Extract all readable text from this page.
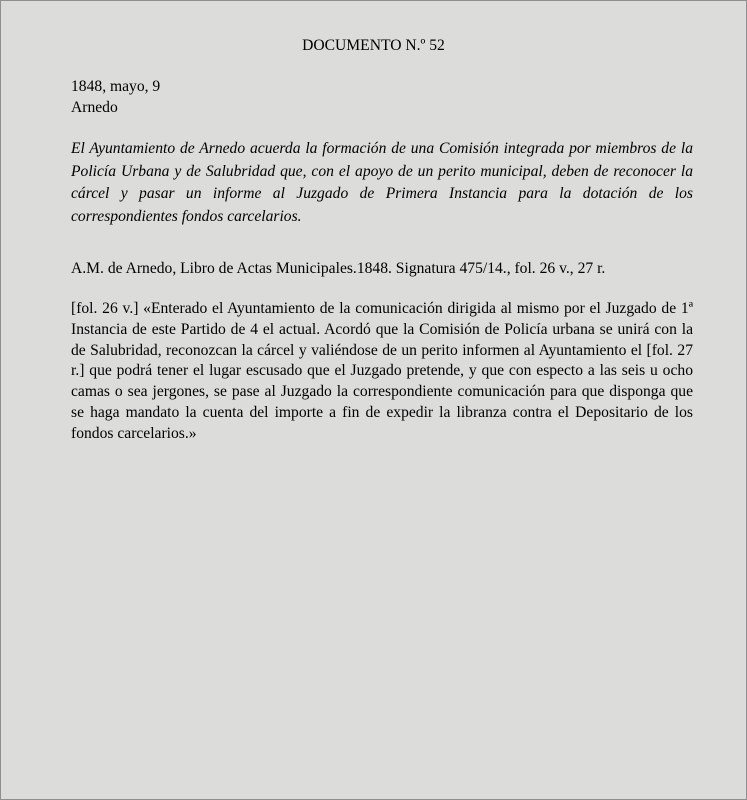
DOCUMENTO N.º 52
1848, mayo, 9
Arnedo
El Ayuntamiento de Arnedo acuerda la formación de una Comisión integrada por miembros de la Policía Urbana y de Salubridad que, con el apoyo de un perito municipal, deben de reconocer la cárcel y pasar un informe al Juzgado de Primera Instancia para la dotación de los correspondientes fondos carcelarios.
A.M. de Arnedo, Libro de Actas Municipales.1848. Signatura 475/14., fol. 26 v., 27 r.
[fol. 26 v.] «Enterado el Ayuntamiento de la comunicación dirigida al mismo por el Juzgado de 1ª Instancia de este Partido de 4 el actual. Acordó que la Comisión de Policía urbana se unirá con la de Salubridad, reconozcan la cárcel y valiéndose de un perito informen al Ayuntamiento el [fol. 27 r.] que podrá tener el lugar escusado que el Juzgado pretende, y que con especto a las seis u ocho camas o sea jergones, se pase al Juzgado la correspondiente comunicación para que disponga que se haga mandato la cuenta del importe a fin de expedir la libranza contra el Depositario de los fondos carcelarios.»
